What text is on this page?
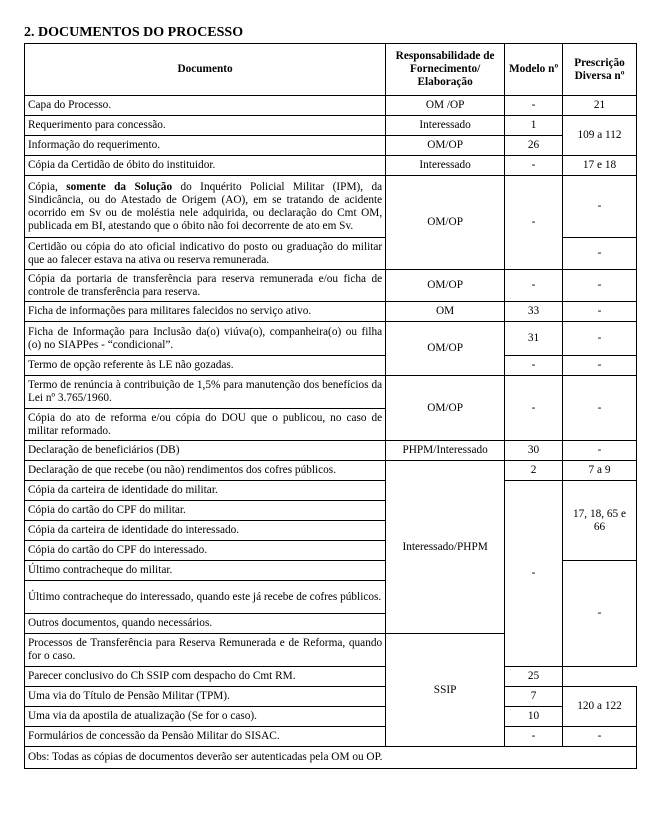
2. DOCUMENTOS DO PROCESSO
Documento	Responsabilidade de Fornecimento/ Elaboração	Modelo nº	Prescrição Diversa nº
Capa do Processo.	OM /OP	-	21
Requerimento para concessão.	Interessado	1	109 a 112
Informação do requerimento.	OM/OP	26	
Cópia da Certidão de óbito do instituidor.	Interessado	-	17 e 18
Cópia, somente da Solução do Inquérito Policial Militar (IPM), da Sindicância, ou do Atestado de Origem (AO), em se tratando de acidente ocorrido em Sv ou de moléstia nele adquirida, ou declaração do Cmt OM, publicada em BI, atestando que o óbito não foi decorrente de ato em Sv.	OM/OP	-	-
Certidão ou cópia do ato oficial indicativo do posto ou graduação do militar que ao falecer estava na ativa ou reserva remunerada.			-
Cópia da portaria de transferência para reserva remunerada e/ou ficha de controle de transferência para reserva.	OM/OP	-	-
Ficha de informações para militares falecidos no serviço ativo.	OM	33	-
Ficha de Informação para Inclusão da(o) viúva(o), companheira(o) ou filha (o) no SIAPPes - “condicional”.	OM/OP	31	-
Termo de opção referente às LE não gozadas.		-	-
Termo de renúncia à contribuição de 1,5% para manutenção dos benefícios da Lei nº 3.765/1960.	OM/OP	-	-
Cópia do ato de reforma e/ou cópia do DOU que o publicou, no caso de militar reformado.			
Declaração de beneficiários (DB)	PHPM/Interessado	30	-
Declaração de que recebe (ou não) rendimentos dos cofres públicos.	Interessado/PHPM	2	7 a 9
Cópia da carteira de identidade do militar.		-	17, 18, 65 e 66
Cópia do cartão do CPF do militar.			
Cópia da carteira de identidade do interessado.			
Cópia do cartão do CPF do interessado.			
Último contracheque do militar.			-
Último contracheque do interessado, quando este já recebe de cofres públicos.			
Outros documentos, quando necessários.			
Processos de Transferência para Reserva Remunerada e de Reforma, quando for o caso.	SSIP		
Parecer conclusivo do Ch SSIP com despacho do Cmt RM.		25	
Uma via do Título de Pensão Militar (TPM).		7	120 a 122
Uma via da apostila de atualização (Se for o caso).		10	
Formulários de concessão da Pensão Militar do SISAC.		-	-
Obs: Todas as cópias de documentos deverão ser autenticadas pela OM ou OP.			
